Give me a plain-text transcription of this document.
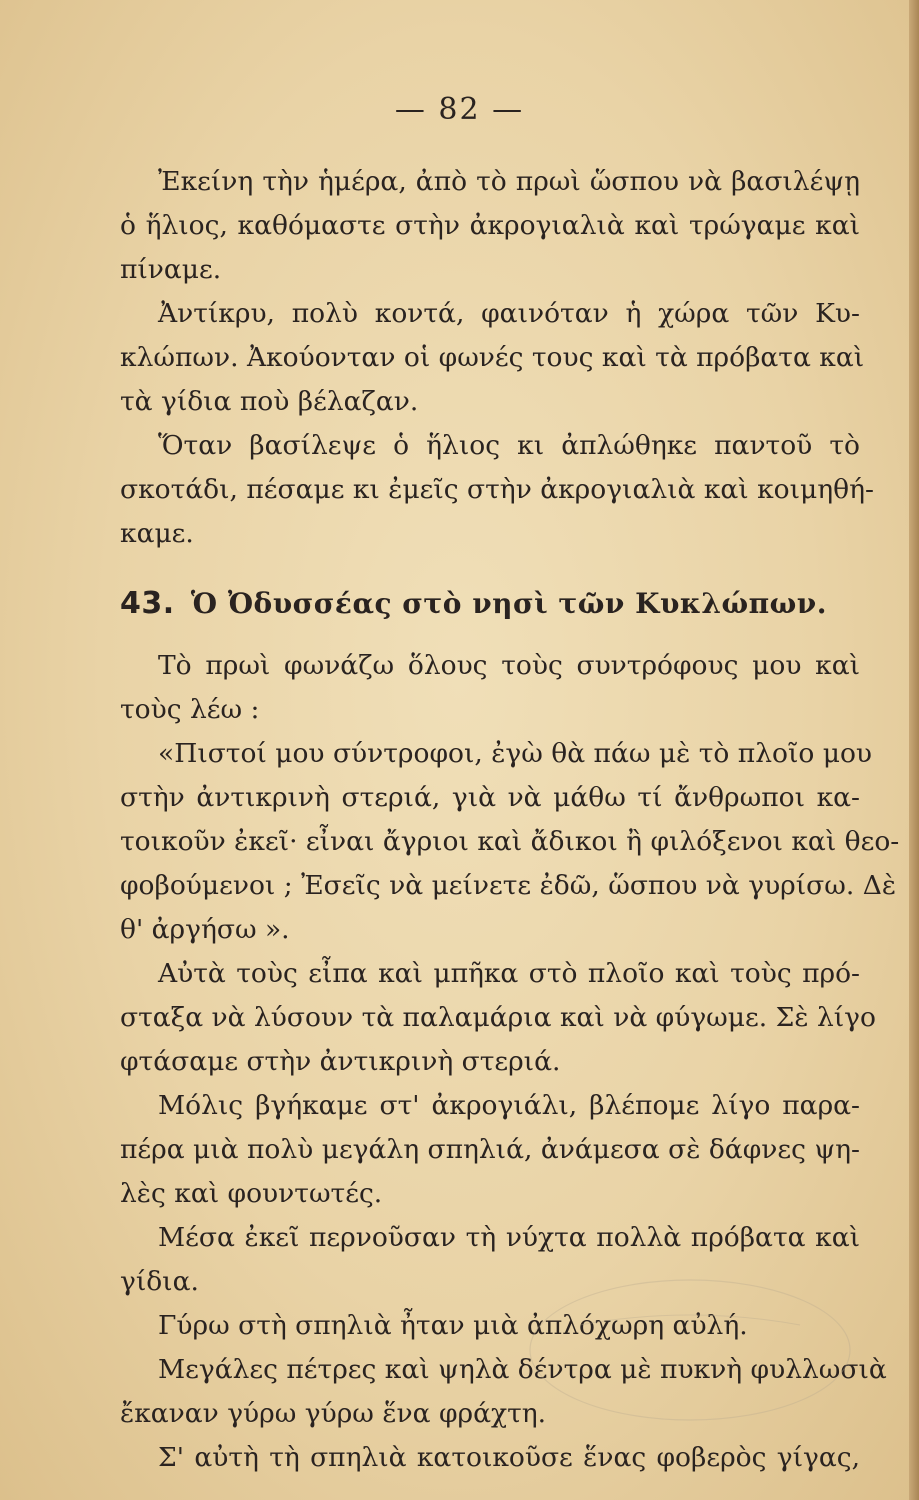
— 82 —
Ἐκείνη τὴν ἡμέρα, ἀπὸ τὸ πρωὶ ὥσπου νὰ βασιλέψῃ
ὁ ἥλιος, καθόμαστε στὴν ἀκρογιαλιὰ καὶ τρώγαμε καὶ
πίναμε.
Ἀντίκρυ, πολὺ κοντά, φαινόταν ἡ χώρα τῶν Κυ-
κλώπων. Ἀκούονταν οἱ φωνές τους καὶ τὰ πρόβατα καὶ
τὰ γίδια ποὺ βέλαζαν.
Ὅταν βασίλεψε ὁ ἥλιος κι ἀπλώθηκε παντοῦ τὸ
σκοτάδι, πέσαμε κι ἐμεῖς στὴν ἀκρογιαλιὰ καὶ κοιμηθή-
καμε.
43. Ὁ Ὀδυσσέας στὸ νησὶ τῶν Κυκλώπων.
Τὸ πρωὶ φωνάζω ὅλους τοὺς συντρόφους μου καὶ
τοὺς λέω :
«Πιστοί μου σύντροφοι, ἐγὼ θὰ πάω μὲ τὸ πλοῖο μου
στὴν ἀντικρινὴ στεριά, γιὰ νὰ μάθω τί ἄνθρωποι κα-
τοικοῦν ἐκεῖ· εἶναι ἄγριοι καὶ ἄδικοι ἢ φιλόξενοι καὶ θεο-
φοβούμενοι ; Ἐσεῖς νὰ μείνετε ἐδῶ, ὥσπου νὰ γυρίσω. Δὲ
θ' ἀργήσω ».
Αὐτὰ τοὺς εἶπα καὶ μπῆκα στὸ πλοῖο καὶ τοὺς πρό-
σταξα νὰ λύσουν τὰ παλαμάρια καὶ νὰ φύγωμε. Σὲ λίγο
φτάσαμε στὴν ἀντικρινὴ στεριά.
Μόλις βγήκαμε στ' ἀκρογιάλι, βλέπομε λίγο παρα-
πέρα μιὰ πολὺ μεγάλη σπηλιά, ἀνάμεσα σὲ δάφνες ψη-
λὲς καὶ φουντωτές.
Μέσα ἐκεῖ περνοῦσαν τὴ νύχτα πολλὰ πρόβατα καὶ
γίδια.
Γύρω στὴ σπηλιὰ ἦταν μιὰ ἀπλόχωρη αὐλή.
Μεγάλες πέτρες καὶ ψηλὰ δέντρα μὲ πυκνὴ φυλλωσιὰ
ἔκαναν γύρω γύρω ἕνα φράχτη.
Σ' αὐτὴ τὴ σπηλιὰ κατοικοῦσε ἕνας φοβερὸς γίγας,
